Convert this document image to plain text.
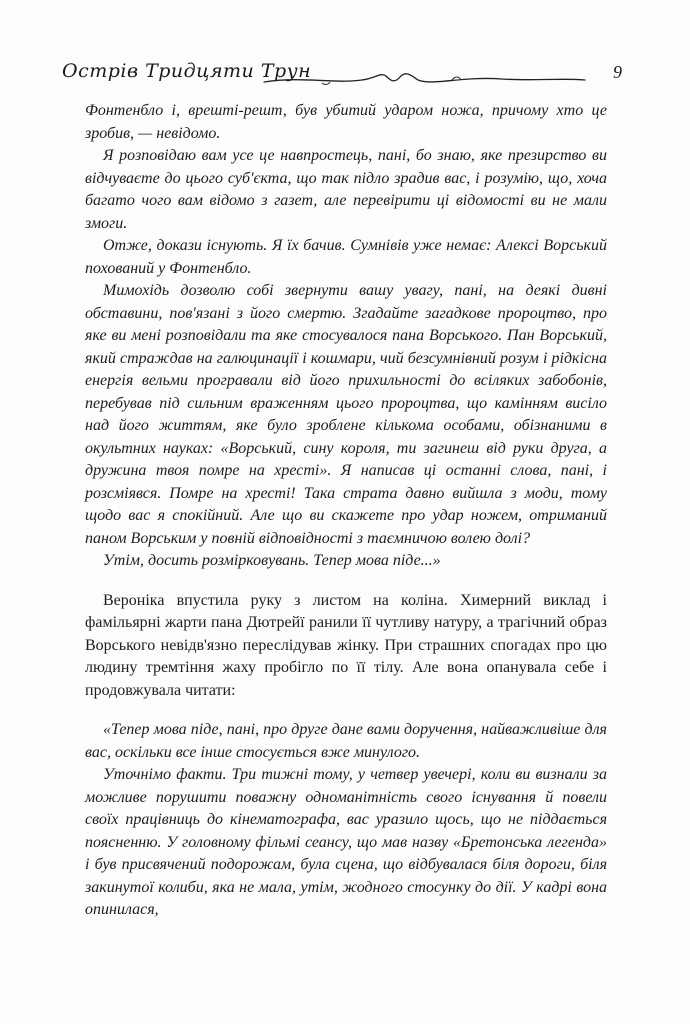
Острів Тридцяти Трун	9

Фонтенбло і, врешті-решт, був убитий ударом ножа, причому хто це зробив, — невідомо.

Я розповідаю вам усе це навпростець, пані, бо знаю, яке презирство ви відчуваєте до цього суб'єкта, що так підло зрадив вас, і розумію, що, хоча багато чого вам відомо з газет, але перевірити ці відомості ви не мали змоги.

Отже, докази існують. Я їх бачив. Сумнівів уже немає: Алексі Ворський похований у Фонтенбло.

Мимохідь дозволю собі звернути вашу увагу, пані, на деякі дивні обставини, пов'язані з його смертю. Згадайте загадкове пророцтво, про яке ви мені розповідали та яке стосувалося пана Ворського. Пан Ворський, який страждав на галюцинації і кошмари, чий безсумнівний розум і рідкісна енергія вельми програвали від його прихильності до всіляких забобонів, перебував під сильним враженням цього пророцтва, що камінням висіло над його життям, яке було зроблене кількома особами, обізнаними в окультних науках: «Ворський, сину короля, ти загинеш від руки друга, а дружина твоя помре на хресті». Я написав ці останні слова, пані, і розсміявся. Помре на хресті! Така страта давно вийшла з моди, тому щодо вас я спокійний. Але що ви скажете про удар ножем, отриманий паном Ворським у повній відповідності з таємничою волею долі?

Утім, досить розмірковувань. Тепер мова піде...»

Вероніка впустила руку з листом на коліна. Химерний виклад і фамільярні жарти пана Дютрейї ранили її чутливу натуру, а трагічний образ Ворського невідв'язно переслідував жінку. При страшних спогадах про цю людину тремтіння жаху пробігло по її тілу. Але вона опанувала себе і продовжувала читати:

«Тепер мова піде, пані, про друге дане вами доручення, найважливіше для вас, оскільки все інше стосується вже минулого.

Уточнімо факти. Три тижні тому, у четвер увечері, коли ви визнали за можливе порушити поважну одноманітність свого існування й повели своїх працівниць до кінематографа, вас уразило щось, що не піддається поясненню. У головному фільмі сеансу, що мав назву «Бретонська легенда» і був присвячений подорожам, була сцена, що відбувалася біля дороги, біля закинутої колиби, яка не мала, утім, жодного стосунку до дії. У кадрі вона опинилася,
